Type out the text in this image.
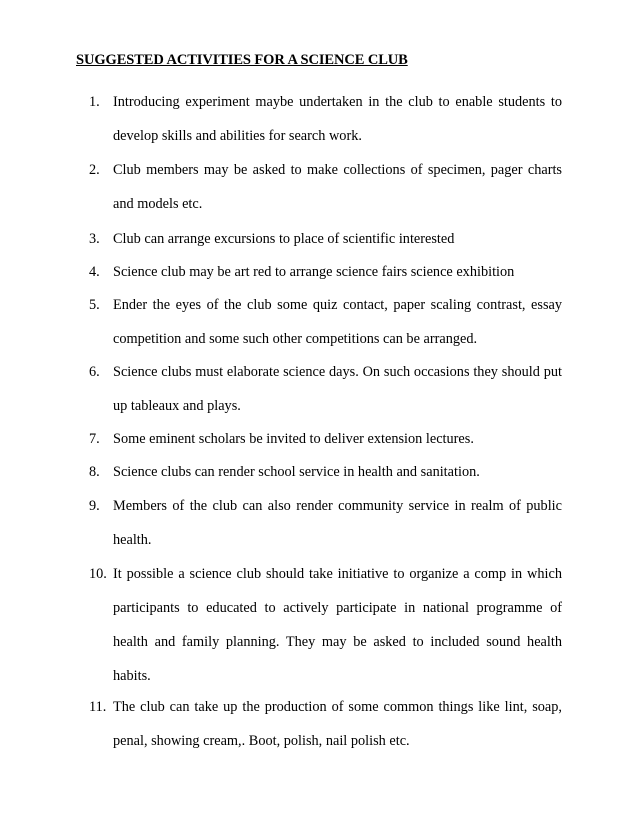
SUGGESTED ACTIVITIES FOR A SCIENCE CLUB
1. Introducing experiment maybe undertaken in the club to enable students to develop skills and abilities for search work.
2. Club members may be asked to make collections of specimen, pager charts and models etc.
3. Club can arrange excursions to place of scientific interested
4. Science club may be art red to arrange science fairs science exhibition
5. Ender the eyes of the club some quiz contact, paper scaling contrast, essay competition and some such other competitions can be arranged.
6. Science clubs must elaborate science days. On such occasions they should put up tableaux and plays.
7. Some eminent scholars be invited to deliver extension lectures.
8. Science clubs can render school service in health and sanitation.
9. Members of the club can also render community service in realm of public health.
10. It possible a science club should take initiative to organize a comp in which participants to educated to actively participate in national programme of health and family planning. They may be asked to included sound health habits.
11. The club can take up the production of some common things like lint, soap, penal, showing cream,. Boot, polish, nail polish etc.
